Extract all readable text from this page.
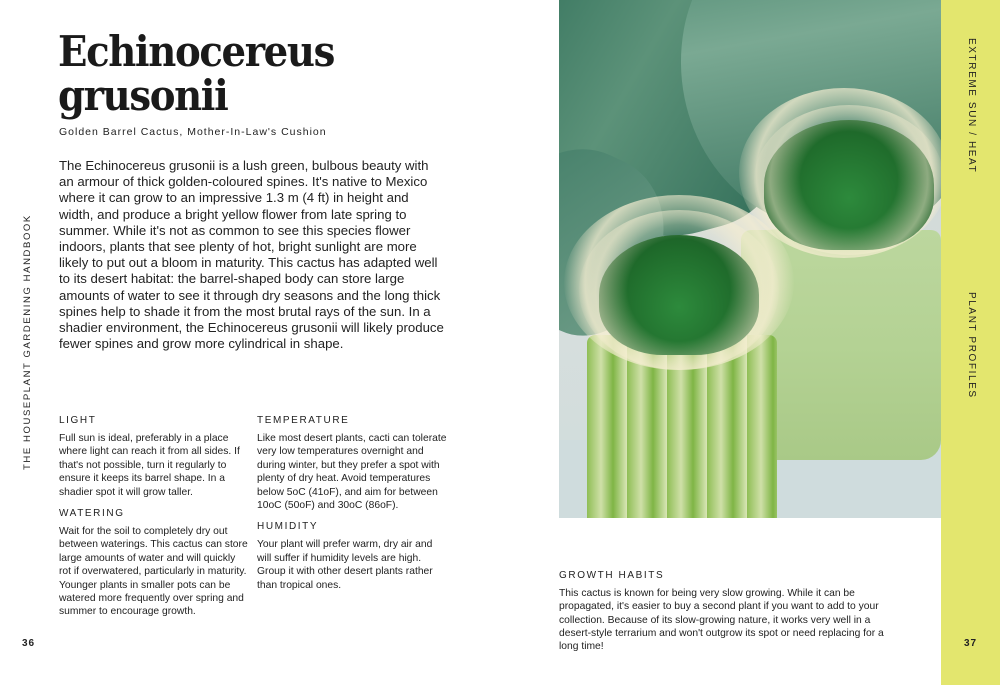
THE HOUSEPLANT GARDENING HANDBOOK
Echinocereus
grusonii
Golden Barrel Cactus, Mother-In-Law's Cushion

The Echinocereus grusonii is a lush green, bulbous beauty with an armour of thick golden-coloured spines. It's native to Mexico where it can grow to an impressive 1.3 m (4 ft) in height and width, and produce a bright yellow flower from late spring to summer. While it's not as common to see this species flower indoors, plants that see plenty of hot, bright sunlight are more likely to put out a bloom in maturity. This cactus has adapted well to its desert habitat: the barrel-shaped body can store large amounts of water to see it through dry seasons and the long thick spines help to shade it from the most brutal rays of the sun. In a shadier environment, the Echinocereus grusonii will likely produce fewer spines and grow more cylindrical in shape.

LIGHT
Full sun is ideal, preferably in a place where light can reach it from all sides. If that's not possible, turn it regularly to ensure it keeps its barrel shape. In a shadier spot it will grow taller.
WATERING
Wait for the soil to completely dry out between waterings. This cactus can store large amounts of water and will quickly rot if overwatered, particularly in maturity. Younger plants in smaller pots can be watered more frequently over spring and summer to encourage growth.
TEMPERATURE
Like most desert plants, cacti can tolerate very low temperatures overnight and during winter, but they prefer a spot with plenty of dry heat. Avoid temperatures below 5oC (41oF), and aim for between 10oC (50oF) and 30oC (86oF).
HUMIDITY
Your plant will prefer warm, dry air and will suffer if humidity levels are high. Group it with other desert plants rather than tropical ones.
36
GROWTH HABITS
This cactus is known for being very slow growing. While it can be propagated, it's easier to buy a second plant if you want to add to your collection. Because of its slow-growing nature, it works very well in a desert-style terrarium and won't outgrow its spot or need replacing for a long time!
EXTREME SUN / HEAT
PLANT PROFILES
37
